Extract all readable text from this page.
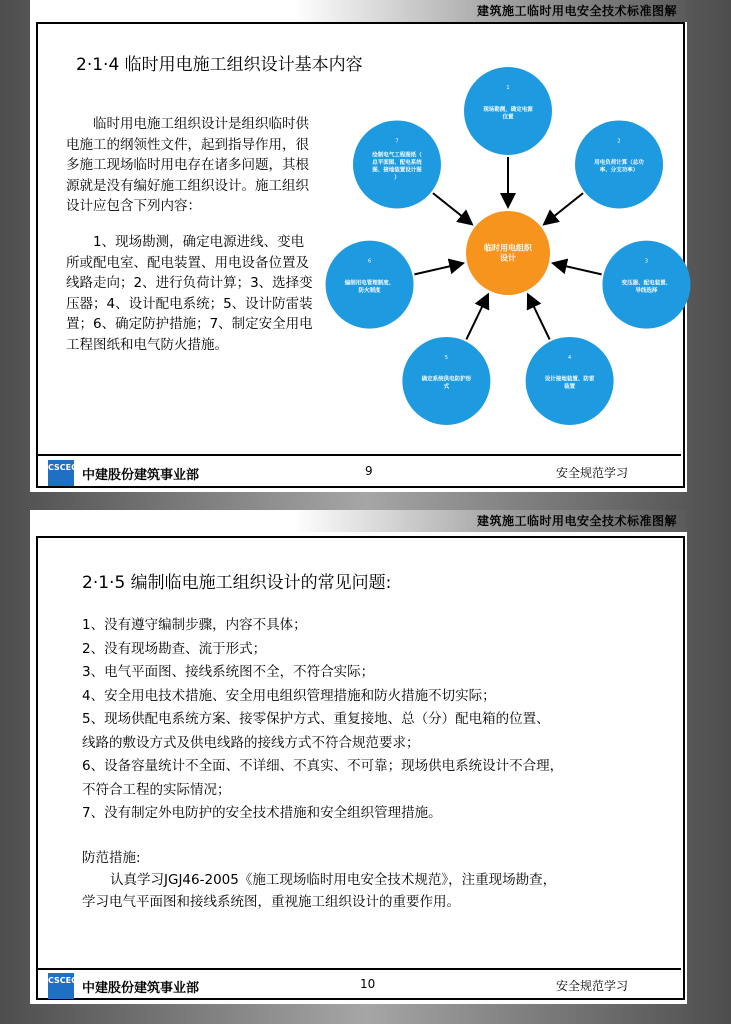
建筑施工临时用电安全技术标准图解
2·1·4 临时用电施工组织设计基本内容

临时用电施工组织设计是组织临时供电施工的纲领性文件，起到指导作用，很多施工现场临时用电存在诸多问题，其根源就是没有编好施工组织设计。施工组织设计应包含下列内容：

1、现场勘测，确定电源进线、变电所或配电室、配电装置、用电设备位置及线路走向；2、进行负荷计算；3、选择变压器；4、设计配电系统；5、设计防雷装置；6、确定防护措施；7、制定安全用电工程图纸和电气防火措施。

1
现场勘测，确定电源
位置
2
用电负荷计算（总功
率、分支功率）
3
变压器、配电装置、
导线选择
4
设计接地装置、防雷
装置
5
确定系统供电防护形
式
6
编制用电管理制度、
防火制度
7
绘制电气工程图纸（
总平面图、配电系统
图、接地装置设计图
）
临时用电组织
设计
CSCEC
中建股份建筑事业部	9	安全规范学习
建筑施工临时用电安全技术标准图解
2·1·5 编制临电施工组织设计的常见问题:
1、没有遵守编制步骤，内容不具体；
2、没有现场勘查、流于形式；
3、电气平面图、接线系统图不全，不符合实际；
4、安全用电技术措施、安全用电组织管理措施和防火措施不切实际；
5、现场供配电系统方案、接零保护方式、重复接地、总（分）配电箱的位置、
线路的敷设方式及供电线路的接线方式不符合规范要求；
6、设备容量统计不全面、不详细、不真实、不可靠；现场供电系统设计不合理，
不符合工程的实际情况；
7、没有制定外电防护的安全技术措施和安全组织管理措施。
防范措施:
认真学习JGJ46-2005《施工现场临时用电安全技术规范》，注重现场勘查，
学习电气平面图和接线系统图，重视施工组织设计的重要作用。
CSCEC
中建股份建筑事业部	10	安全规范学习
